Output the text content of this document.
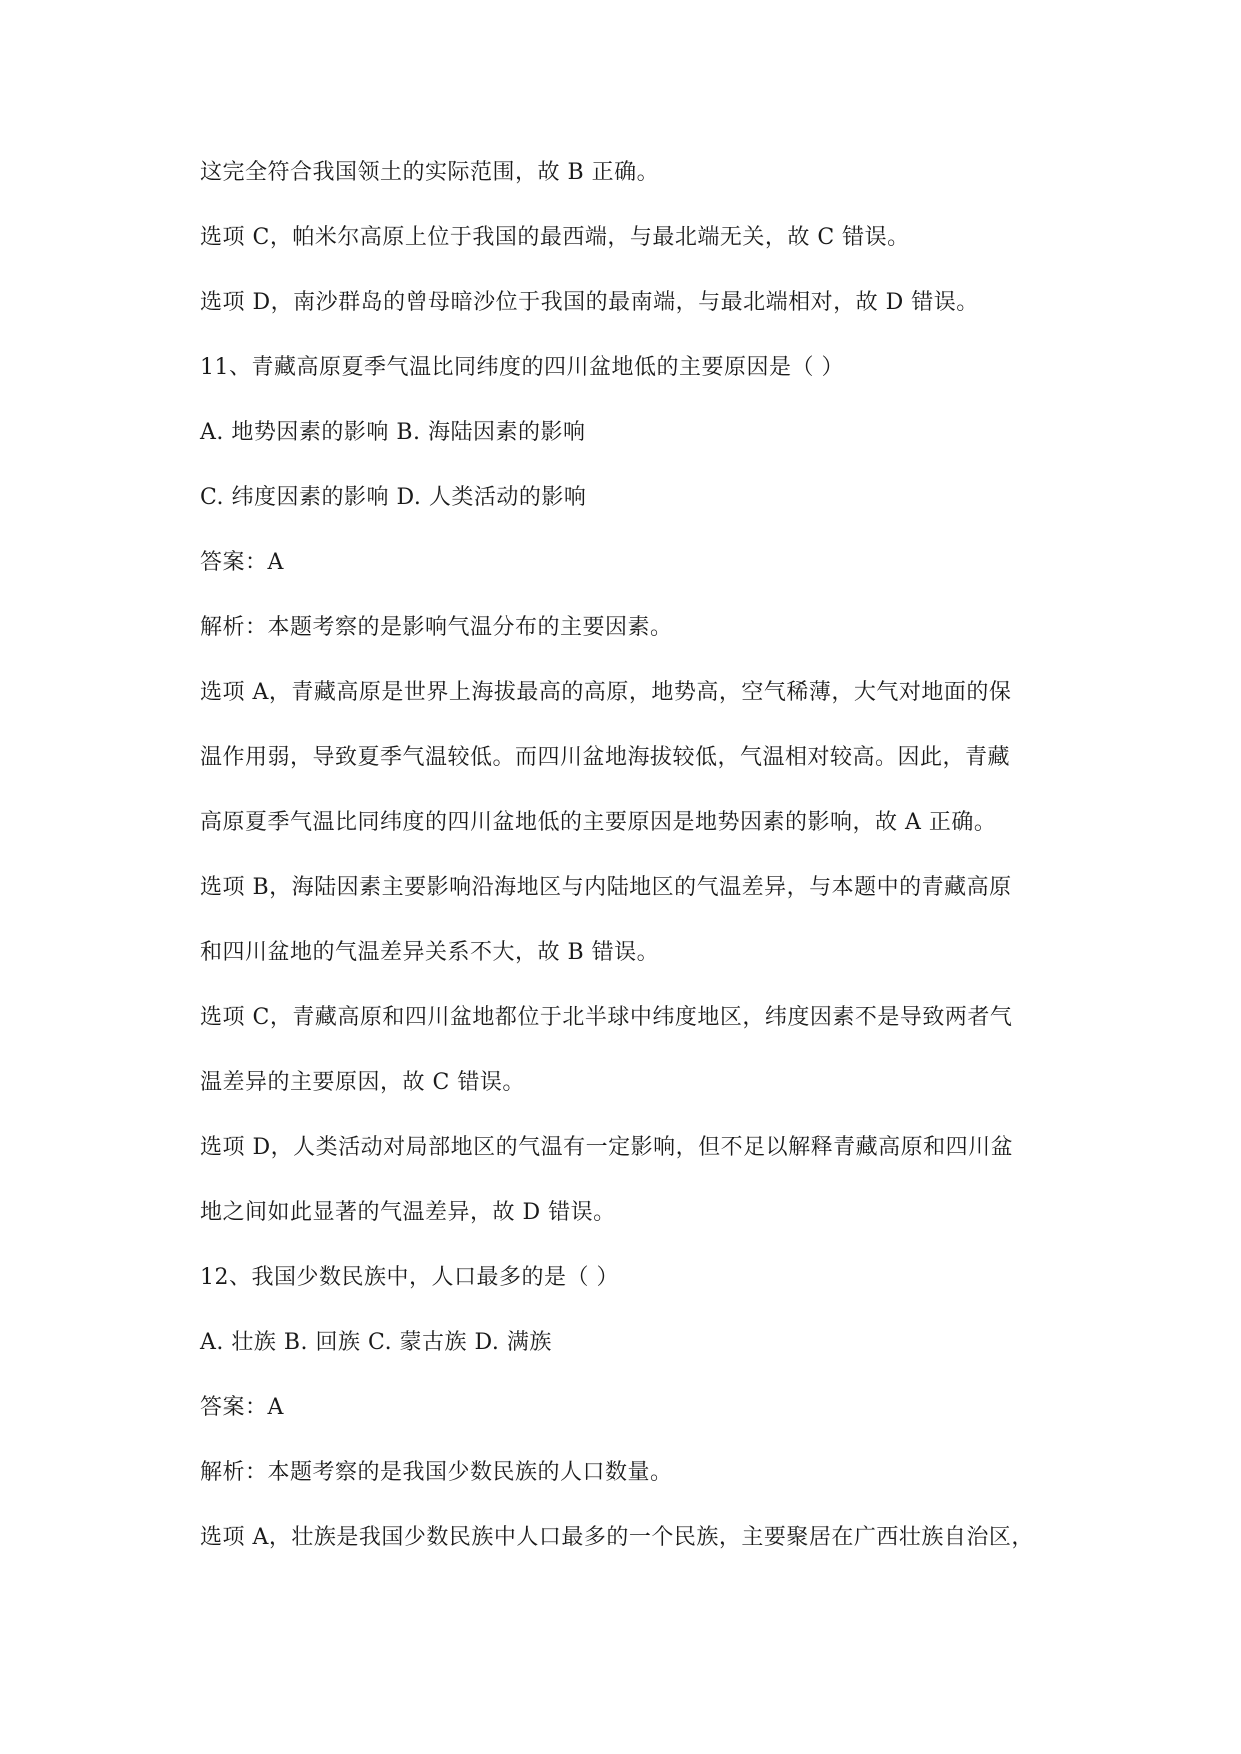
这完全符合我国领土的实际范围，故 B 正确。
选项 C，帕米尔高原上位于我国的最西端，与最北端无关，故 C 错误。
选项 D，南沙群岛的曾母暗沙位于我国的最南端，与最北端相对，故 D 错误。
11、青藏高原夏季气温比同纬度的四川盆地低的主要原因是（ ）
A. 地势因素的影响 B. 海陆因素的影响
C. 纬度因素的影响 D. 人类活动的影响
答案：A
解析：本题考察的是影响气温分布的主要因素。
选项 A，青藏高原是世界上海拔最高的高原，地势高，空气稀薄，大气对地面的保
温作用弱，导致夏季气温较低。而四川盆地海拔较低，气温相对较高。因此，青藏
高原夏季气温比同纬度的四川盆地低的主要原因是地势因素的影响，故 A 正确。
选项 B，海陆因素主要影响沿海地区与内陆地区的气温差异，与本题中的青藏高原
和四川盆地的气温差异关系不大，故 B 错误。
选项 C，青藏高原和四川盆地都位于北半球中纬度地区，纬度因素不是导致两者气
温差异的主要原因，故 C 错误。
选项 D，人类活动对局部地区的气温有一定影响，但不足以解释青藏高原和四川盆
地之间如此显著的气温差异，故 D 错误。
12、我国少数民族中，人口最多的是（ ）
A. 壮族 B. 回族 C. 蒙古族 D. 满族
答案：A
解析：本题考察的是我国少数民族的人口数量。
选项 A，壮族是我国少数民族中人口最多的一个民族，主要聚居在广西壮族自治区，
